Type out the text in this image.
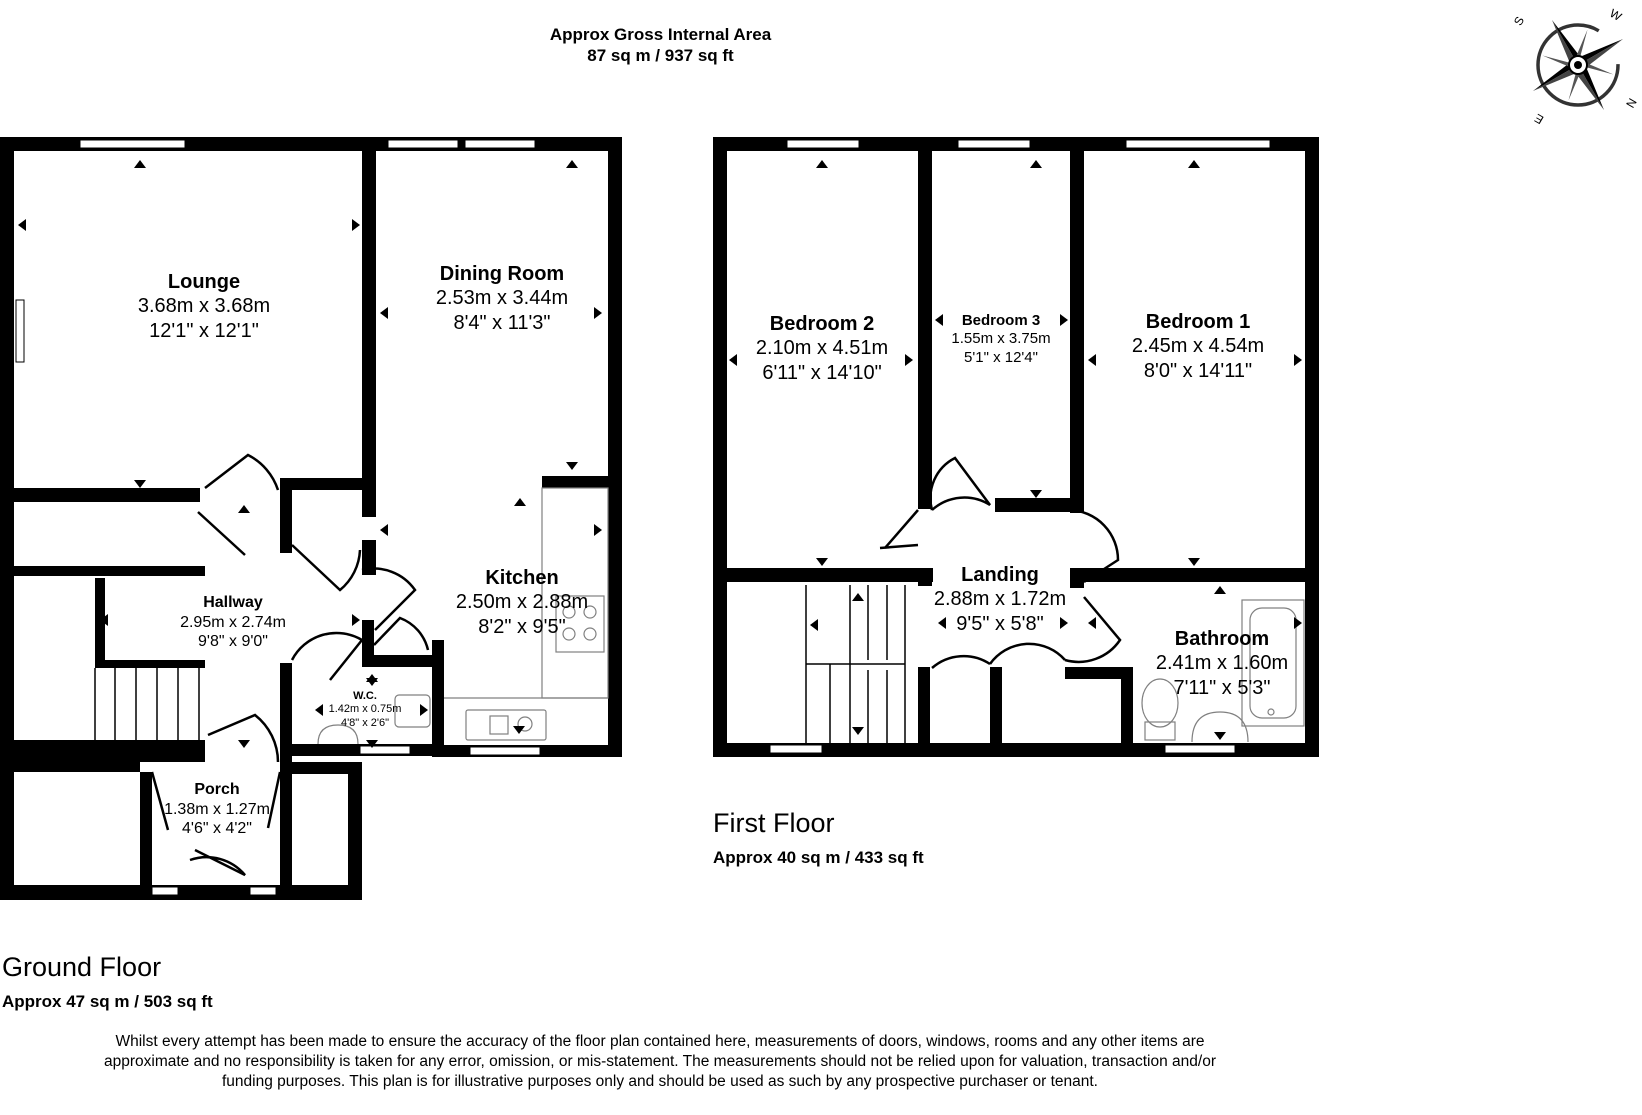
S	W
N
E
Approx Gross Internal Area
87 sq m / 937 sq ft
Lounge
3.68m x 3.68m
12'1" x 12'1"
Dining Room
2.53m x 3.44m
8'4" x 11'3"
Kitchen
2.50m x 2.88m
8'2" x 9'5"
Hallway
2.95m x 2.74m
9'8" x 9'0"
W.C.
1.42m x 0.75m
4'8" x 2'6"
Porch
1.38m x 1.27m
4'6" x 4'2"
Bedroom 2
2.10m x 4.51m
6'11" x 14'10"
Bedroom 3
1.55m x 3.75m
5'1" x 12'4"
Bedroom 1
2.45m x 4.54m
8'0" x 14'11"
Landing
2.88m x 1.72m
9'5" x 5'8"
Bathroom
2.41m x 1.60m
7'11" x 5'3"
First Floor
Approx 40 sq m / 433 sq ft
Ground Floor
Approx 47 sq m / 503 sq ft
Whilst every attempt has been made to ensure the accuracy of the floor plan contained here, measurements of doors, windows, rooms and any other items are approximate and no responsibility is taken for any error, omission, or mis-statement. The measurements should not be relied upon for valuation, transaction and/or funding purposes. This plan is for illustrative purposes only and should be used as such by any prospective purchaser or tenant.
